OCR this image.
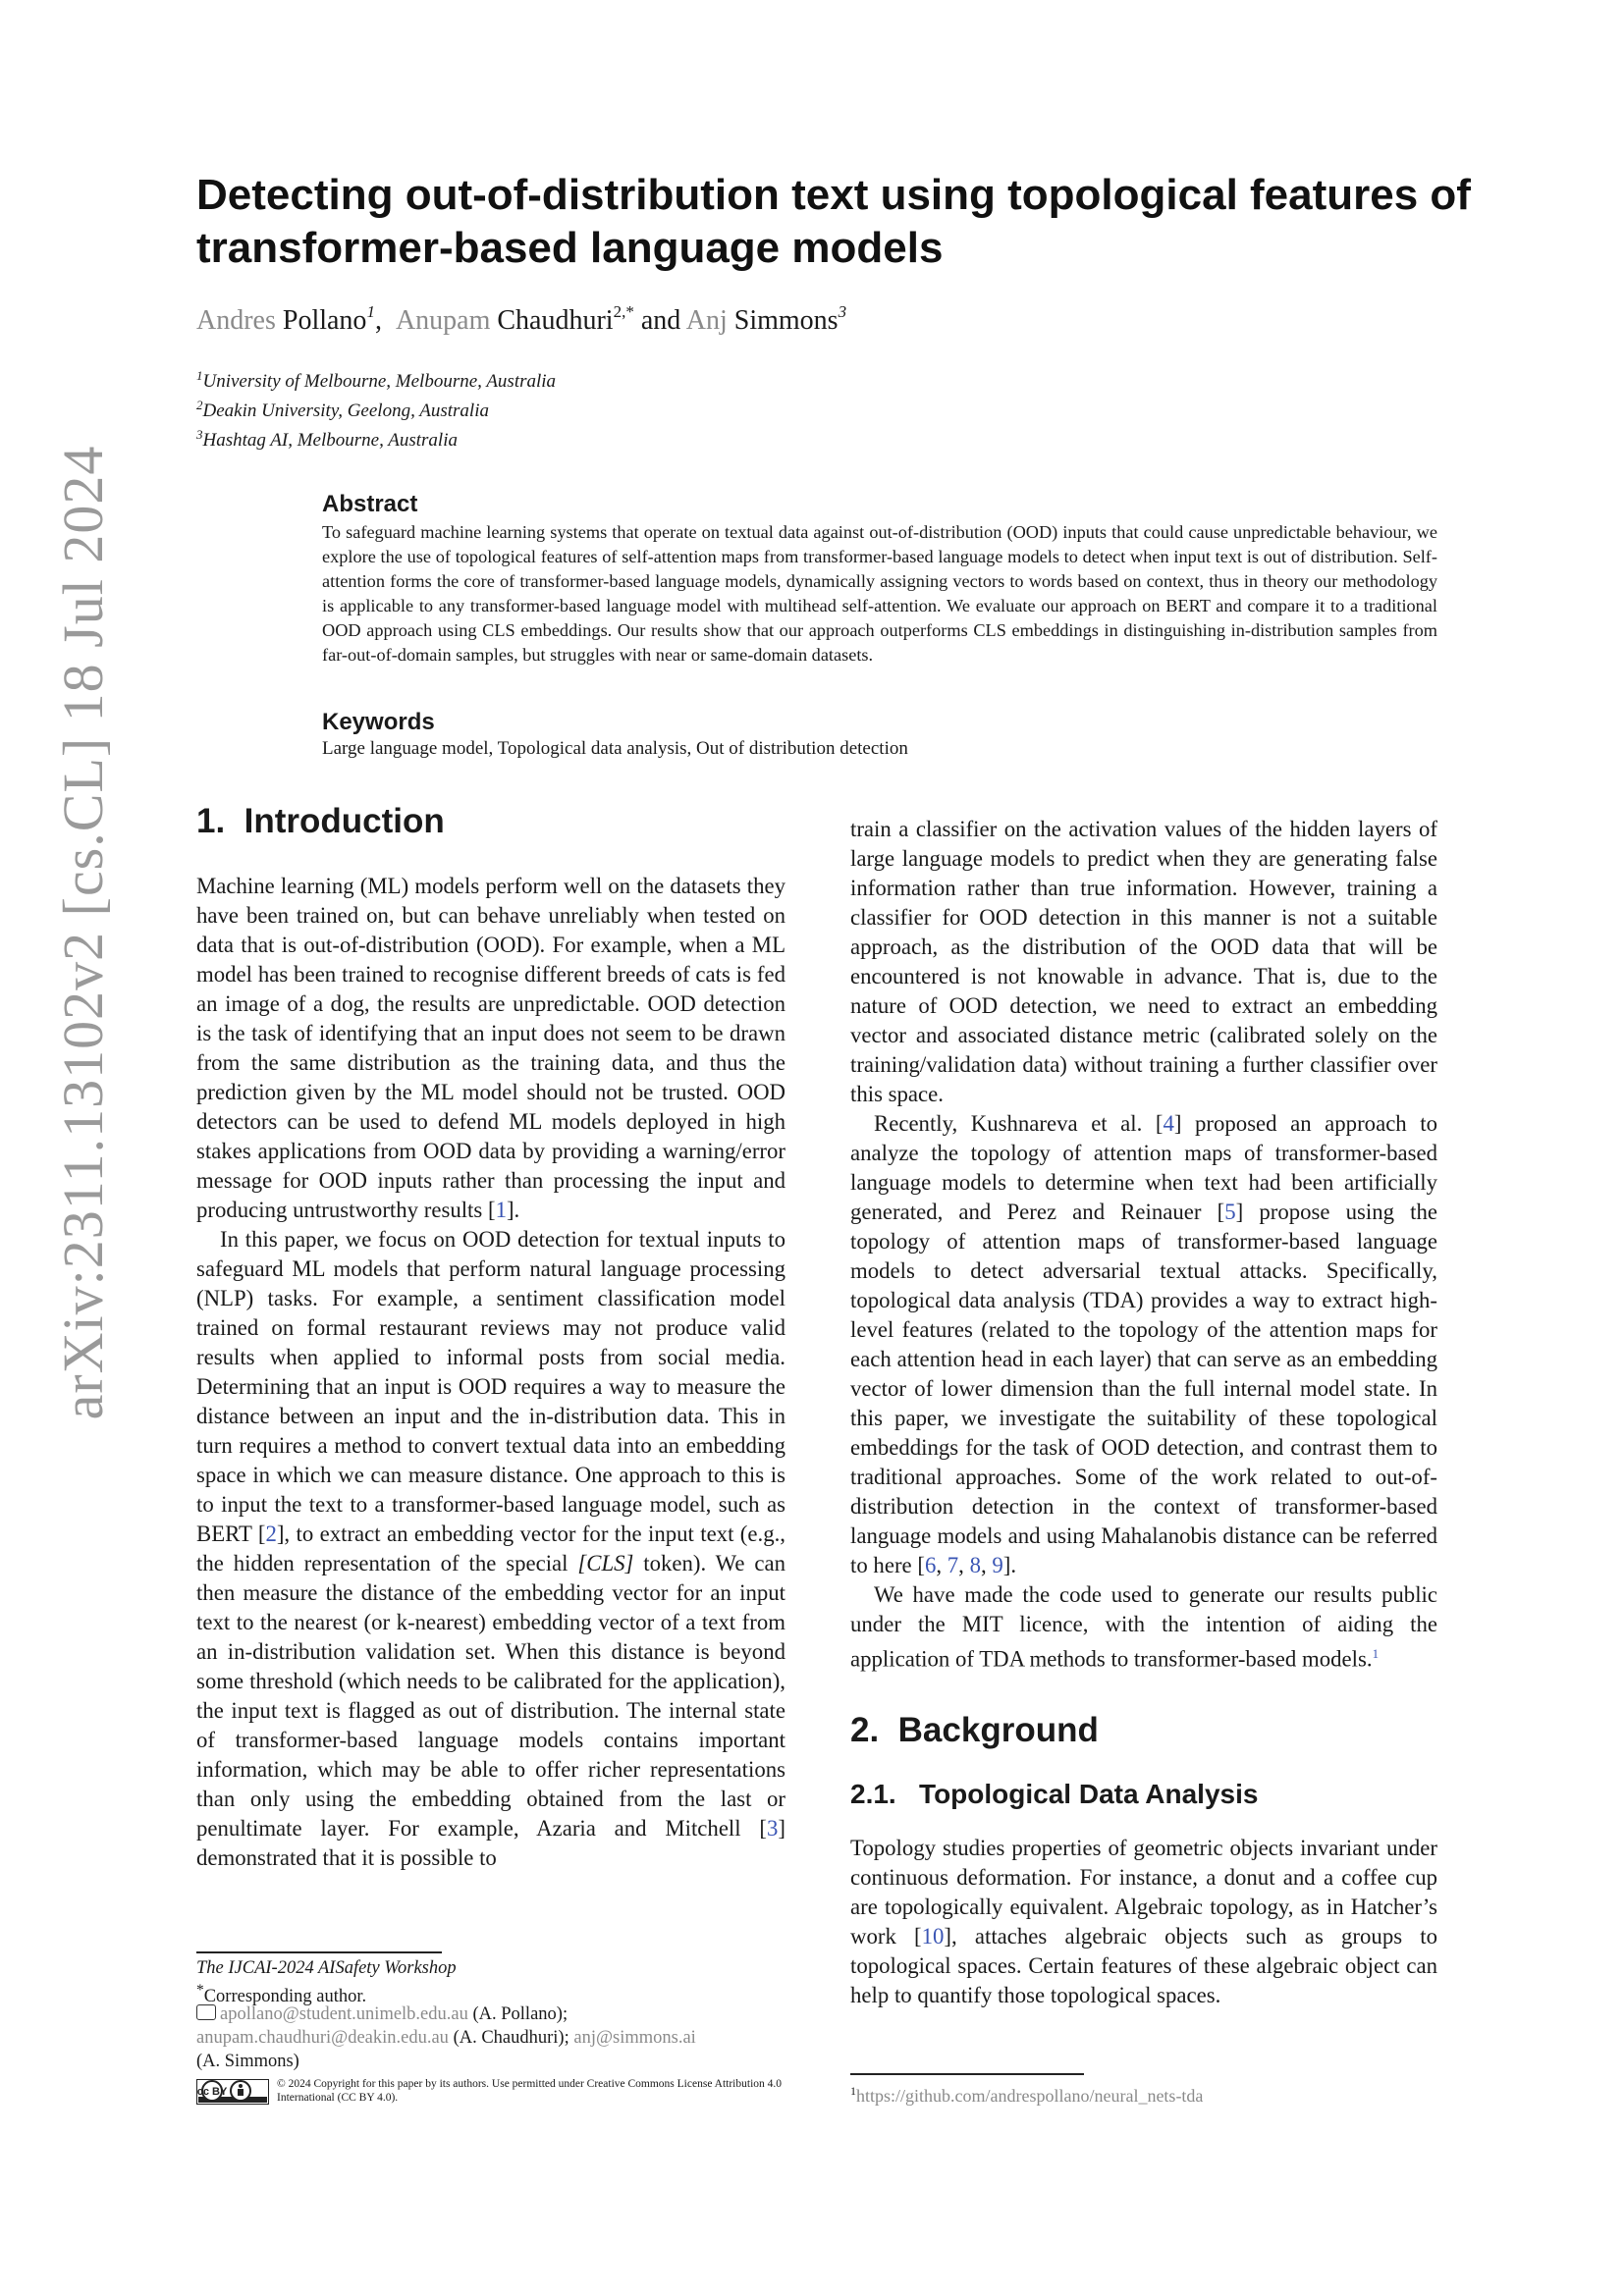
arXiv:2311.13102v2 [cs.CL] 18 Jul 2024
Detecting out-of-distribution text using topological features of transformer-based language models
Andres Pollano$^1$, Anupam Chaudhuri$^{2,*}$ and Anj Simmons$^3$
$^1$University of Melbourne, Melbourne, Australia
$^2$Deakin University, Geelong, Australia
$^3$Hashtag AI, Melbourne, Australia
Abstract
To safeguard machine learning systems that operate on textual data against out-of-distribution (OOD) inputs that could cause unpredictable behaviour, we explore the use of topological features of self-attention maps from transformer-based language models to detect when input text is out of distribution. Self-attention forms the core of transformer-based language models, dynamically assigning vectors to words based on context, thus in theory our methodology is applicable to any transformer-based language model with multihead self-attention. We evaluate our approach on BERT and compare it to a traditional OOD approach using CLS embeddings. Our results show that our approach outperforms CLS embeddings in distinguishing in-distribution samples from far-out-of-domain samples, but struggles with near or same-domain datasets.
Keywords
Large language model, Topological data analysis, Out of distribution detection
1. Introduction

Machine learning (ML) models perform well on the datasets they have been trained on, but can behave unreliably when tested on data that is out-of-distribution (OOD). For example, when a ML model has been trained to recognise different breeds of cats is fed an image of a dog, the results are unpredictable. OOD detection is the task of identifying that an input does not seem to be drawn from the same distribution as the training data, and thus the prediction given by the ML model should not be trusted. OOD detectors can be used to defend ML models deployed in high stakes applications from OOD data by providing a warning/error message for OOD inputs rather than processing the input and producing untrustworthy results [1].

In this paper, we focus on OOD detection for textual inputs to safeguard ML models that perform natural language processing (NLP) tasks. For example, a sentiment classification model trained on formal restaurant reviews may not produce valid results when applied to informal posts from social media. Determining that an input is OOD requires a way to measure the distance between an input and the in-distribution data. This in turn requires a method to convert textual data into an embedding space in which we can measure distance. One approach to this is to input the text to a transformer-based language model, such as BERT [2], to extract an embedding vector for the input text (e.g., the hidden representation of the special [CLS] token). We can then measure the distance of the embedding vector for an input text to the nearest (or k-nearest) embedding vector of a text from an in-distribution validation set. When this distance is beyond some threshold (which needs to be calibrated for the application), the input text is flagged as out of distribution. The internal state of transformer-based language models contains important information, which may be able to offer richer representations than only using the embedding obtained from the last or penultimate layer. For example, Azaria and Mitchell [3] demonstrated that it is possible to

train a classifier on the activation values of the hidden layers of large language models to predict when they are generating false information rather than true information. However, training a classifier for OOD detection in this manner is not a suitable approach, as the distribution of the OOD data that will be encountered is not knowable in advance. That is, due to the nature of OOD detection, we need to extract an embedding vector and associated distance metric (calibrated solely on the training/validation data) without training a further classifier over this space.

Recently, Kushnareva et al. [4] proposed an approach to analyze the topology of attention maps of transformer-based language models to determine when text had been artificially generated, and Perez and Reinauer [5] propose using the topology of attention maps of transformer-based language models to detect adversarial textual attacks. Specifically, topological data analysis (TDA) provides a way to extract high-level features (related to the topology of the attention maps for each attention head in each layer) that can serve as an embedding vector of lower dimension than the full internal model state. In this paper, we investigate the suitability of these topological embeddings for the task of OOD detection, and contrast them to traditional approaches. Some of the work related to out-of-distribution detection in the context of transformer-based language models and using Mahalanobis distance can be referred to here [6, 7, 8, 9].

We have made the code used to generate our results public under the MIT licence, with the intention of aiding the application of TDA methods to transformer-based models.$^1$

2. Background
2.1. Topological Data Analysis

Topology studies properties of geometric objects invariant under continuous deformation. For instance, a donut and a coffee cup are topologically equivalent. Algebraic topology, as in Hatcher’s work [10], attaches algebraic objects such as groups to topological spaces. Certain features of these algebraic object can help to quantify those topological spaces.

The IJCAI-2024 AISafety Workshop
*Corresponding author.
apollano@student.unimelb.edu.au (A. Pollano);
anupam.chaudhuri@deakin.edu.au (A. Chaudhuri); anj@simmons.ai
(A. Simmons)
cc BY
© 2024 Copyright for this paper by its authors. Use permitted under Creative Commons License Attribution 4.0 International (CC BY 4.0).	$^1$https://github.com/andrespollano/neural_nets-tda
